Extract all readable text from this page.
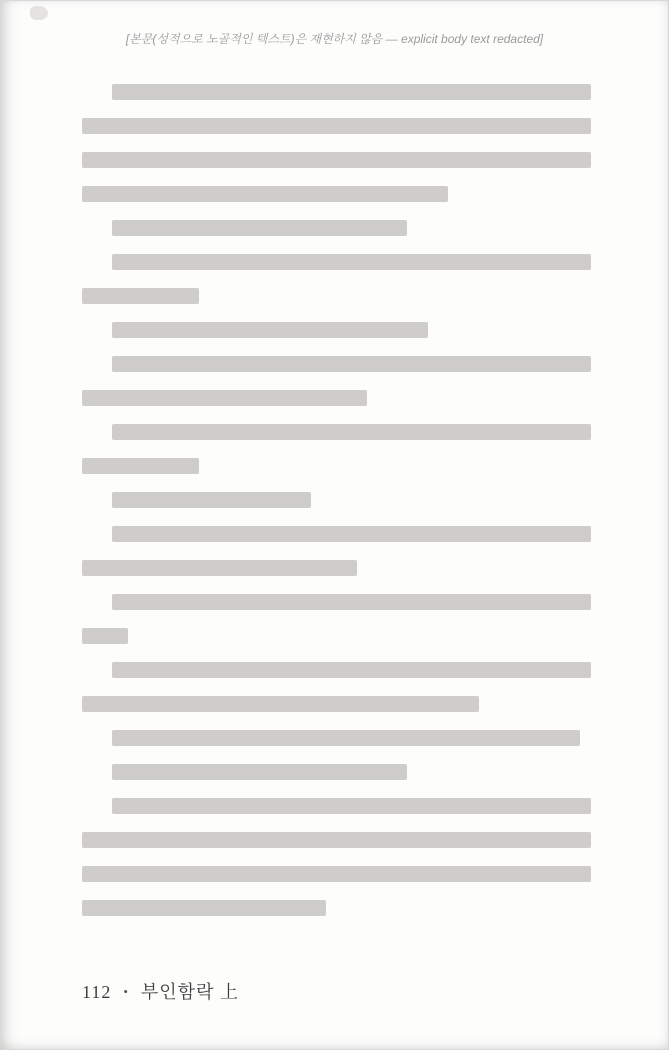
[본문(성적으로 노골적인 텍스트)은 재현하지 않음 — explicit body text redacted]
112 • 부인함락 上
